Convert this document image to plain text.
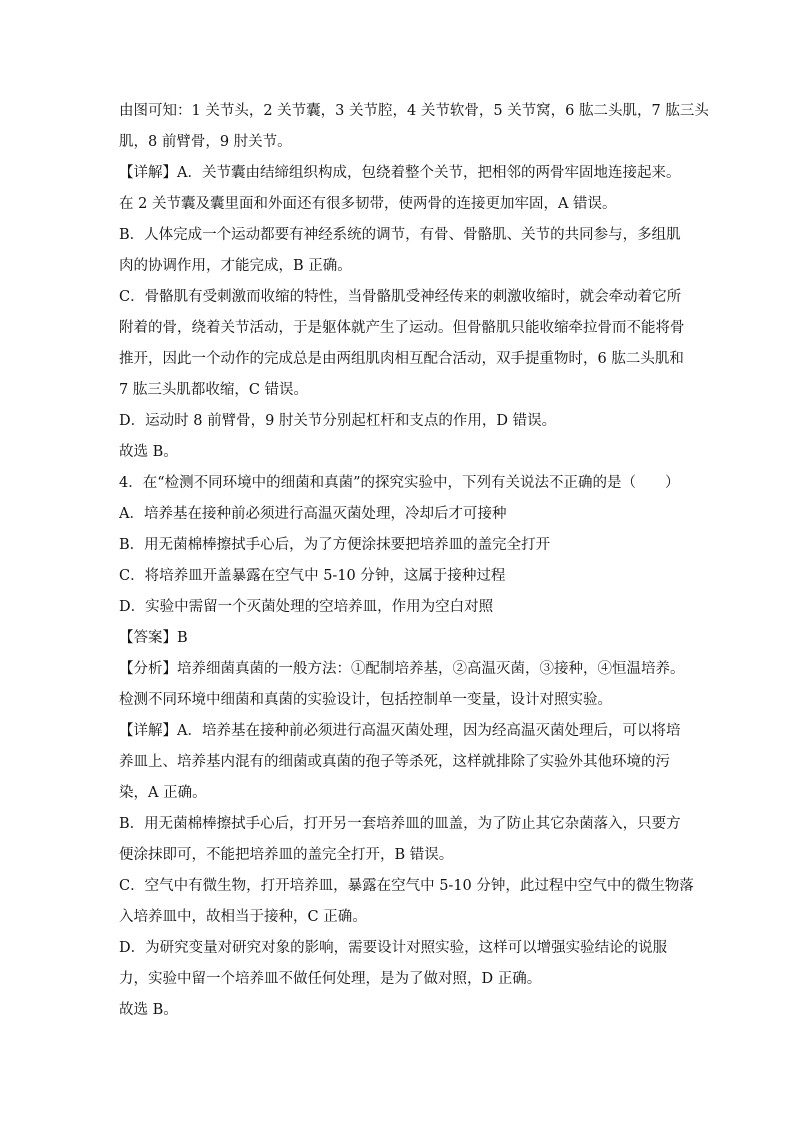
由图可知：1 关节头，2 关节囊，3 关节腔，4 关节软骨，5 关节窝，6 肱二头肌，7 肱三头
肌，8 前臂骨，9 肘关节。
【详解】A．关节囊由结缔组织构成，包绕着整个关节，把相邻的两骨牢固地连接起来。
在 2 关节囊及囊里面和外面还有很多韧带，使两骨的连接更加牢固，A 错误。
B．人体完成一个运动都要有神经系统的调节，有骨、骨骼肌、关节的共同参与，多组肌
肉的协调作用，才能完成，B 正确。
C．骨骼肌有受刺激而收缩的特性，当骨骼肌受神经传来的刺激收缩时，就会牵动着它所
附着的骨，绕着关节活动，于是躯体就产生了运动。但骨骼肌只能收缩牵拉骨而不能将骨
推开，因此一个动作的完成总是由两组肌肉相互配合活动，双手提重物时，6 肱二头肌和
7 肱三头肌都收缩，C 错误。
D．运动时 8 前臂骨，9 肘关节分别起杠杆和支点的作用，D 错误。
故选 B。
4．在“检测不同环境中的细菌和真菌”的探究实验中，下列有关说法不正确的是（　　）
A．培养基在接种前必须进行高温灭菌处理，冷却后才可接种
B．用无菌棉棒擦拭手心后，为了方便涂抹要把培养皿的盖完全打开
C．将培养皿开盖暴露在空气中 5-10 分钟，这属于接种过程
D．实验中需留一个灭菌处理的空培养皿，作用为空白对照
【答案】B
【分析】培养细菌真菌的一般方法：①配制培养基，②高温灭菌，③接种，④恒温培养。
检测不同环境中细菌和真菌的实验设计，包括控制单一变量，设计对照实验。
【详解】A．培养基在接种前必须进行高温灭菌处理，因为经高温灭菌处理后，可以将培
养皿上、培养基内混有的细菌或真菌的孢子等杀死，这样就排除了实验外其他环境的污
染，A 正确。
B．用无菌棉棒擦拭手心后，打开另一套培养皿的皿盖，为了防止其它杂菌落入，只要方
便涂抹即可，不能把培养皿的盖完全打开，B 错误。
C．空气中有微生物，打开培养皿，暴露在空气中 5-10 分钟，此过程中空气中的微生物落
入培养皿中，故相当于接种，C 正确。
D．为研究变量对研究对象的影响，需要设计对照实验，这样可以增强实验结论的说服
力，实验中留一个培养皿不做任何处理，是为了做对照，D 正确。
故选 B。
